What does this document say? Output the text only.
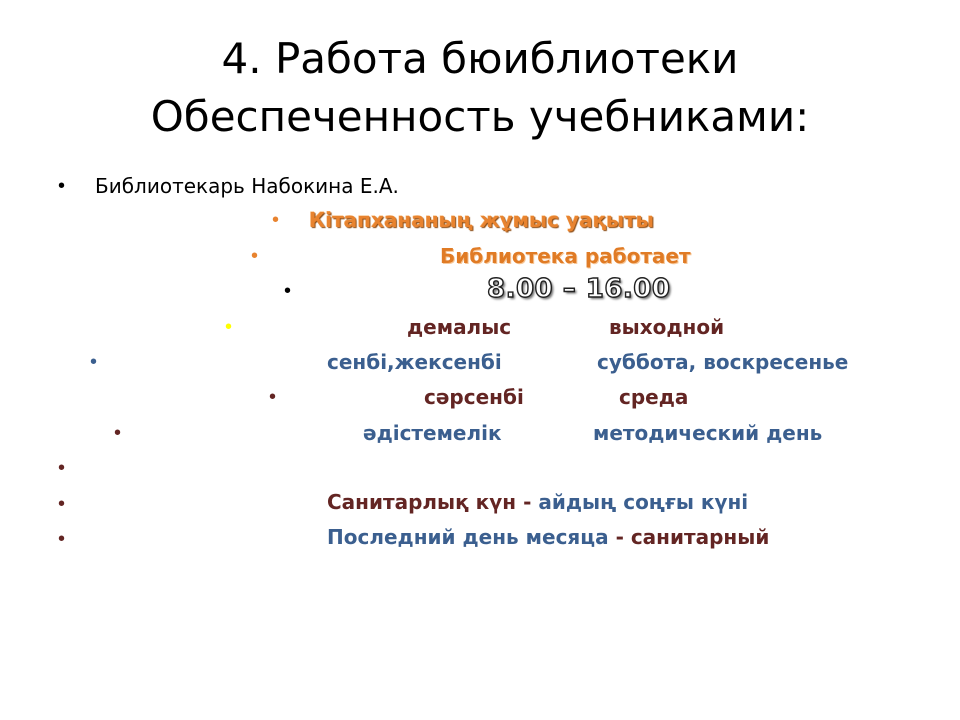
4. Работа бюиблиотеки
Обеспеченность учебниками:
• Библиотекарь Набокина Е.А.
• Кітапхананың жұмыс уақыты
•	Библиотека работает
•	8.00 – 16.00
•	демалыс	выходной
•	сенбі,жексенбі	суббота, воскресенье
•	сәрсенбі	среда
•	әдістемелік	методический день
•
•	Санитарлық күн - айдың соңғы күні
•	Последний день месяца - санитарный
